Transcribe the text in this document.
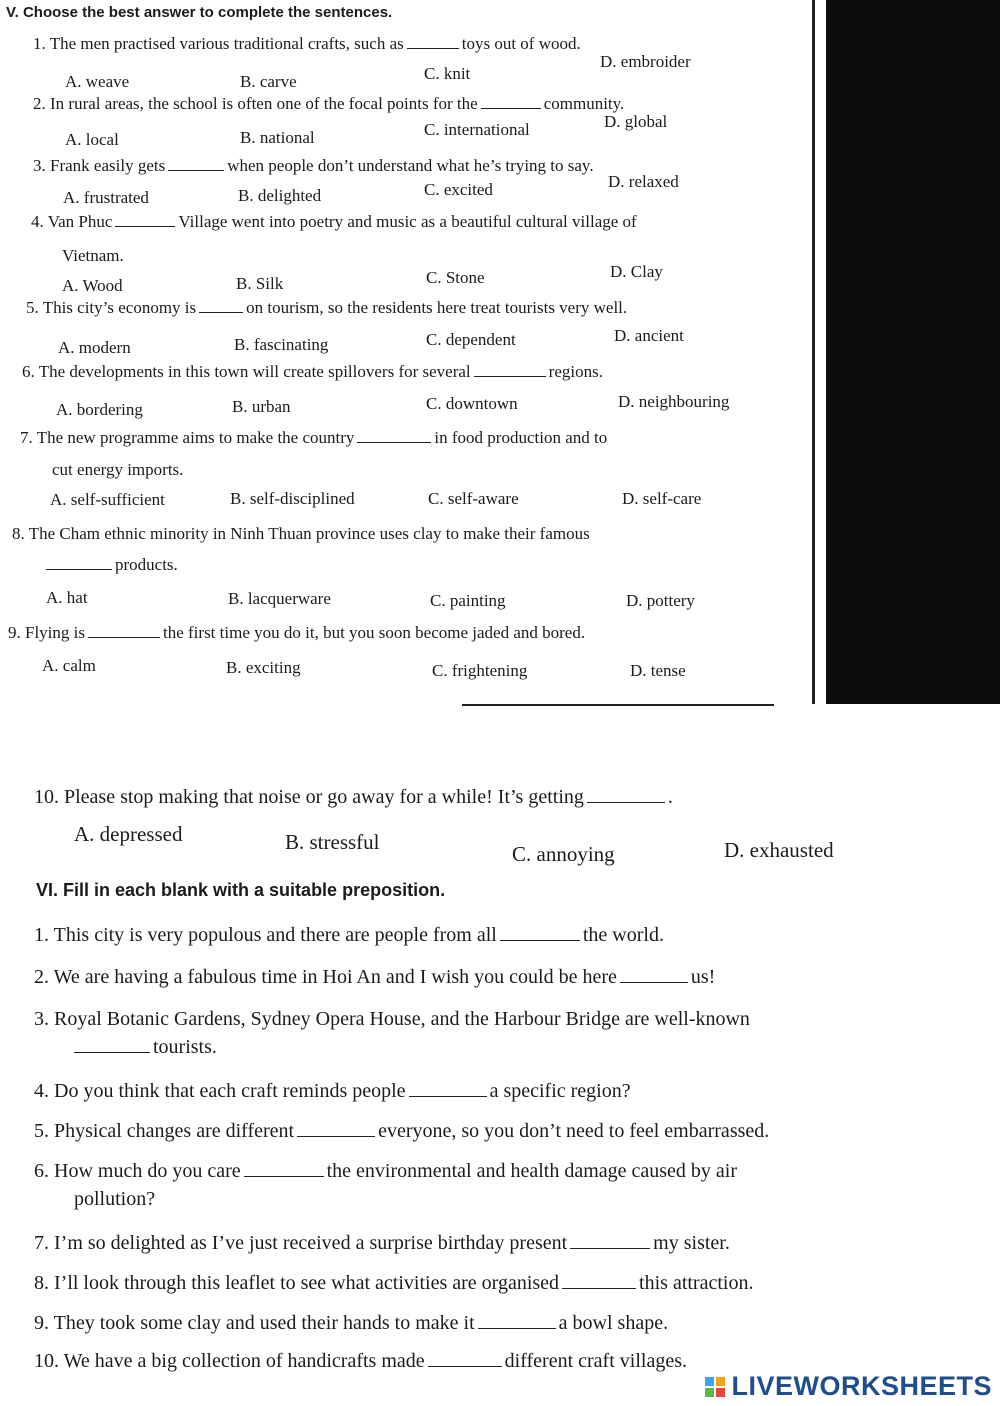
V. Choose the best answer to complete the sentences.
1. The men practised various traditional crafts, such as	toys out of wood.
A. weave	B. carve	C. knit
D. embroider
2. In rural areas, the school is often one of the focal points for the	community.
A. local	B. national	C. international	D. global
3. Frank easily gets	when people don’t understand what he’s trying to say.
A. frustrated	B. delighted	C. excited	D. relaxed
4. Van Phuc	Village went into poetry and music as a beautiful cultural village of
Vietnam.
A. Wood	B. Silk	C. Stone	D. Clay
5. This city’s economy is	on tourism, so the residents here treat tourists very well.
A. modern	B. fascinating	C. dependent	D. ancient
6. The developments in this town will create spillovers for several	regions.
A. bordering	B. urban	C. downtown	D. neighbouring
7. The new programme aims to make the country	in food production and to
cut energy imports.
A. self-sufficient	B. self-disciplined	C. self-aware	D. self-care
8. The Cham ethnic minority in Ninh Thuan province uses clay to make their famous
products.
A. hat	B. lacquerware	C. painting	D. pottery
9. Flying is	the first time you do it, but you soon become jaded and bored.
A. calm	B. exciting	C. frightening	D. tense
10. Please stop making that noise or go away for a while! It’s getting	.
A. depressed	B. stressful	C. annoying	D. exhausted
VI. Fill in each blank with a suitable preposition.
1. This city is very populous and there are people from all	the world.
2. We are having a fabulous time in Hoi An and I wish you could be here	us!
3. Royal Botanic Gardens, Sydney Opera House, and the Harbour Bridge are well-known
tourists.
4. Do you think that each craft reminds people	a specific region?
5. Physical changes are different	everyone, so you don’t need to feel embarrassed.
6. How much do you care	the environmental and health damage caused by air
pollution?
7. I’m so delighted as I’ve just received a surprise birthday present	my sister.
8. I’ll look through this leaflet to see what activities are organised	this attraction.
9. They took some clay and used their hands to make it	a bowl shape.
10. We have a big collection of handicrafts made	different craft villages.
LIVEWORKSHEETS
